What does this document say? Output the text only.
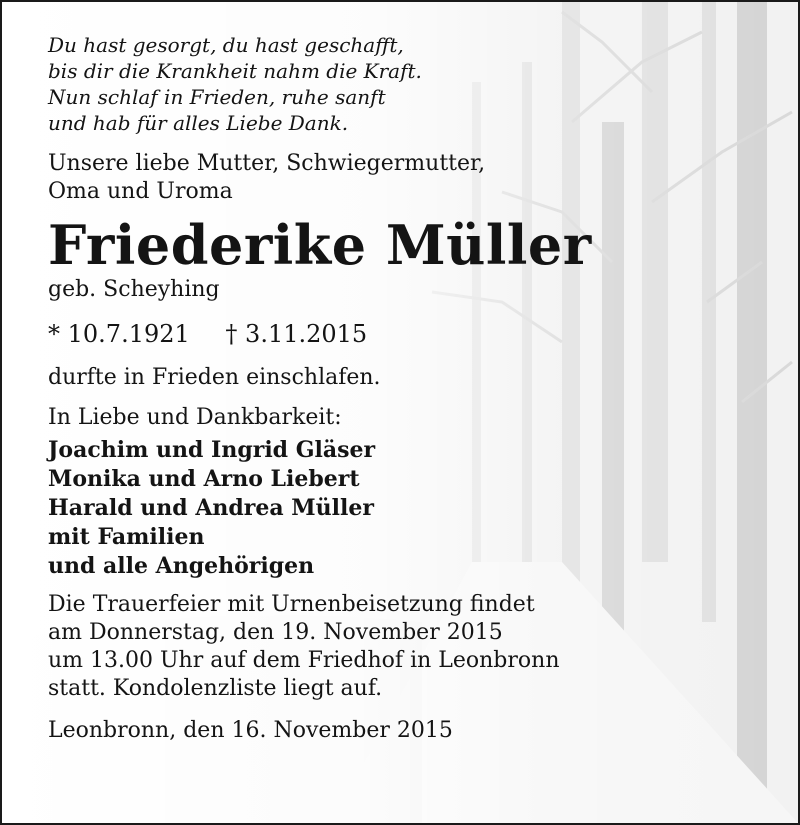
Du hast gesorgt, du hast geschafft,
bis dir die Krankheit nahm die Kraft.
Nun schlaf in Frieden, ruhe sanft
und hab für alles Liebe Dank.
Unsere liebe Mutter, Schwiegermutter,
Oma und Uroma
Friederike Müller
geb. Scheyhing
* 10.7.1921 † 3.11.2015
durfte in Frieden einschlafen.
In Liebe und Dankbarkeit:
Joachim und Ingrid Gläser
Monika und Arno Liebert
Harald und Andrea Müller
mit Familien
und alle Angehörigen
Die Trauerfeier mit Urnenbeisetzung findet
am Donnerstag, den 19. November 2015
um 13.00 Uhr auf dem Friedhof in Leonbronn
statt. Kondolenzliste liegt auf.
Leonbronn, den 16. November 2015
